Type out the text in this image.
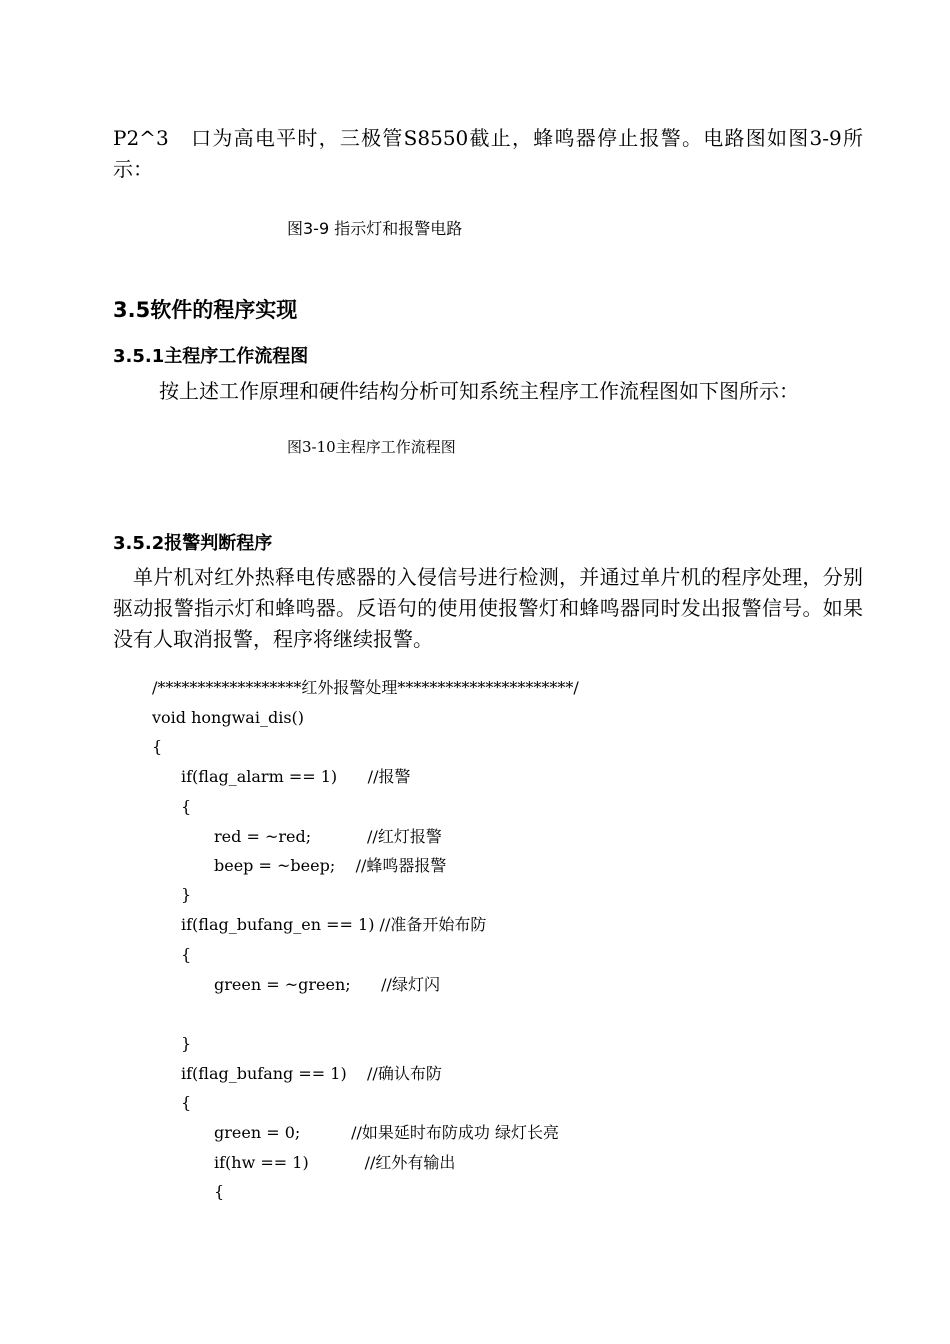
P2^3　口为高电平时，三极管S8550截止，蜂鸣器停止报警。电路图如图3-9所示：

图3-9 指示灯和报警电路

3.5软件的程序实现
3.5.1主程序工作流程图

按上述工作原理和硬件结构分析可知系统主程序工作流程图如下图所示：

图3-10主程序工作流程图

3.5.2报警判断程序

单片机对红外热释电传感器的入侵信号进行检测，并通过单片机的程序处理，分别驱动报警指示灯和蜂鸣器。反语句的使用使报警灯和蜂鸣器同时发出报警信号。如果没有人取消报警，程序将继续报警。

/******************红外报警处理**********************/

void hongwai_dis()

{

if(flag_alarm == 1)      //报警

{

red = ~red;           //红灯报警

beep = ~beep;    //蜂鸣器报警

}

if(flag_bufang_en == 1) //准备开始布防

{

green = ~green;      //绿灯闪

}

if(flag_bufang == 1)    //确认布防

{

green = 0;          //如果延时布防成功 绿灯长亮

if(hw == 1)           //红外有输出

{
